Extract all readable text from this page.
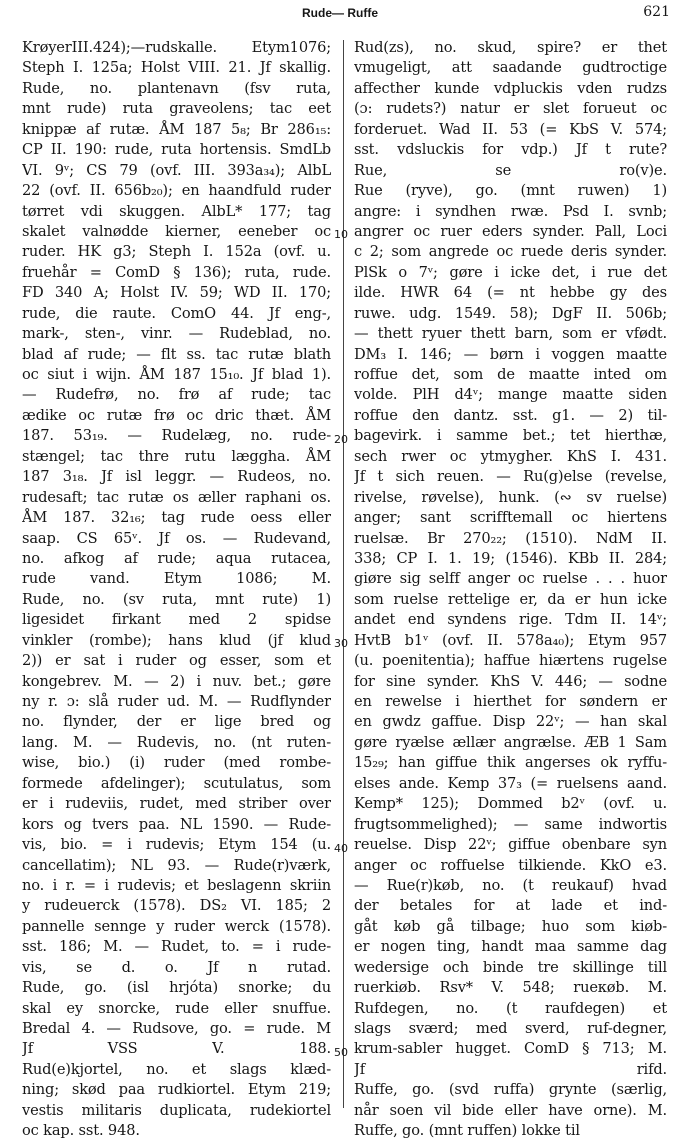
Rude— Ruffe	621
KrøyerIII.424);—rudskalle. Etym1076;
Steph I. 125a; Holst VIII. 21. Jf skallig.
Rude, no. plantenavn (fsv ruta,
mnt rude) ruta graveolens; tac eet
knippæ af rutæ. ÅM 187 5₈; Br 286₁₅:
CP II. 190: rude, ruta hortensis. SmdLb
VI. 9ᵛ; CS 79 (ovf. III. 393a₃₄); AlbL
22 (ovf. II. 656b₂₀); en haandfuld ruder
tørret vdi skuggen. AlbL* 177; tag
skalet valnødde kierner, eeneber oc
ruder. HK g3; Steph I. 152a (ovf. u.
fruehår = ComD § 136); ruta, rude.
FD 340 A; Holst IV. 59; WD II. 170;
rude, die raute. ComO 44. Jf eng-,
mark-, sten-, vinr. — Rudeblad, no.
blad af rude; — flt ss. tac rutæ blath
oc siut i wijn. ÅM 187 15₁₀. Jf blad 1).
— Rudefrø, no. frø af rude; tac
ædike oc rutæ frø oc dric thæt. ÅM
187. 53₁₉. — Rudelæg, no. rude-
stængel; tac thre rutu læggha. ÅM
187 3₁₈. Jf isl leggr. — Rudeos, no.
rudesaft; tac rutæ os æller raphani os.
ÅM 187. 32₁₆; tag rude oess eller
saap. CS 65ᵛ. Jf os. — Rudevand,
no. afkog af rude; aqua rutacea,
rude vand. Etym 1086; M.
Rude, no. (sv ruta, mnt rute) 1)
ligesidet firkant med 2 spidse
vinkler (rombe); hans klud (jf klud
2)) er sat i ruder og esser, som et
kongebrev. M. — 2) i nuv. bet.; gøre
ny r. ɔ: slå ruder ud. M. — Rudflynder
no. flynder, der er lige bred og
lang. M. — Rudevis, no. (nt ruten-
wise, bio.) (i) ruder (med rombe-
formede afdelinger); scutulatus, som
er i rudeviis, rudet, med striber over
kors og tvers paa. NL 1590. — Rude-
vis, bio. = i rudevis; Etym 154 (u.
cancellatim); NL 93. — Rude(r)værk,
no. i r. = i rudevis; et beslagenn skriin
y rudeuerck (1578). DS₂ VI. 185; 2
pannelle sennge y ruder werck (1578).
sst. 186; M. — Rudet, to. = i rude-
vis, se d. o. Jf n rutad.
Rude, go. (isl hrjóta) snorke; du
skal ey snorcke, rude eller snuffue.
Bredal 4. — Rudsove, go. = rude. M
Jf VSS V. 188.
Rud(e)kjortel, no. et slags klæd-
ning; skød paa rudkiortel. Etym 219;
vestis militaris duplicata, rudekiortel
oc kap. sst. 948.
10
20
30
40
50
Rud(zs), no. skud, spire? er thet
vmugeligt, att saadande gudtroctige
affecther kunde vdpluckis vden rudzs
(ɔ: rudets?) natur er slet forueut oc
forderuet. Wad II. 53 (= KbS V. 574;
sst. vdsluckis for vdp.) Jf t rute?
Rue, se ro(v)e.
Rue (ryve), go. (mnt ruwen) 1)
angre: i syndhen rwæ. Psd I. svnb;
angrer oc ruer eders synder. Pall, Loci
c 2; som angrede oc ruede deris synder.
PlSk o 7ᵛ; gøre i icke det, i rue det
ilde. HWR 64 (= nt hebbe gy des
ruwe. udg. 1549. 58); DgF II. 506b;
— thett ryuer thett barn, som er vfødt.
DM₃ I. 146; — børn i voggen maatte
roffue det, som de maatte inted om
volde. PlH d4ᵛ; mange maatte siden
roffue den dantz. sst. g1. — 2) til-
bagevirk. i samme bet.; tet hierthæ,
sech rwer oc ytmygher. KhS I. 431.
Jf t sich reuen. — Ru(g)else (revelse,
rivelse, røvelse), hunk. (∾ sv ruelse)
anger; sant scrifftemall oc hiertens
ruelsæ. Br 270₂₂; (1510). NdM II.
338; CP I. 1. 19; (1546). KBb II. 284;
giøre sig selff anger oc ruelse . . . huor
som ruelse rettelige er, da er hun icke
andet end syndens rige. Tdm II. 14ᵛ;
HvtB b1ᵛ (ovf. II. 578a₄₀); Etym 957
(u. poenitentia); haffue hiærtens rugelse
for sine synder. KhS V. 446; — sodne
en rewelse i hierthet for søndern er
en gwdz gaffue. Disp 22ᵛ; — han skal
gøre ryælse ællær angrælse. ÆB 1 Sam
15₂₉; han giffue thik angerses ok ryffu-
elses ande. Kemp 37₃ (= ruelsens aand.
Kemp* 125); Dommed b2ᵛ (ovf. u.
frugtsommelighed); — same indwortis
reuelse. Disp 22ᵛ; giffue obenbare syn
anger oc roffuelse tilkiende. KkO e3.
— Rue(r)køb, no. (t reukauf) hvad
der betales for at lade et ind-
gåt køb gå tilbage; huo som kiøb-
er nogen ting, handt maa samme dag
wedersige och binde tre skillinge till
ruerkiøb. Rsv* V. 548; rueкøb. M.
Rufdegen, no. (t raufdegen) et
slags sværd; med sverd, ruf-degner,
krum-sabler hugget. ComD § 713; M.
Jf rifd.
Ruffe, go. (svd ruffa) grynte (særlig,
når soen vil bide eller have orne). M.
Ruffe, go. (mnt ruffen) lokke til
